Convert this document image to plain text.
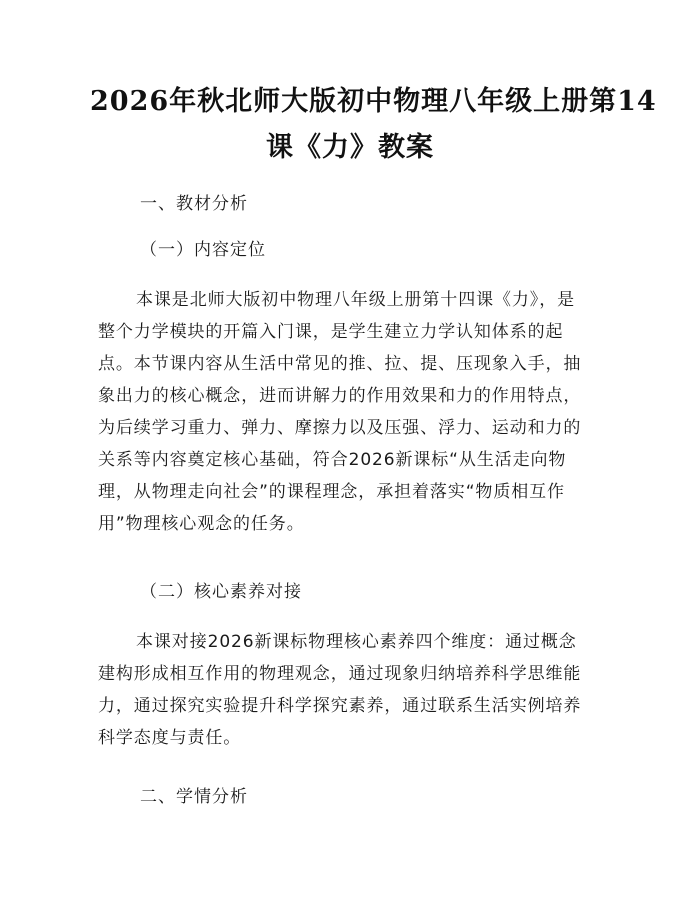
2026年秋北师大版初中物理八年级上册第14
课《力》教案
一、教材分析
（一）内容定位
本课是北师大版初中物理八年级上册第十四课《力》，是
整个力学模块的开篇入门课，是学生建立力学认知体系的起
点。本节课内容从生活中常见的推、拉、提、压现象入手，抽
象出力的核心概念，进而讲解力的作用效果和力的作用特点，
为后续学习重力、弹力、摩擦力以及压强、浮力、运动和力的
关系等内容奠定核心基础，符合2026新课标“从生活走向物
理，从物理走向社会”的课程理念，承担着落实“物质相互作
用”物理核心观念的任务。
（二）核心素养对接
本课对接2026新课标物理核心素养四个维度：通过概念
建构形成相互作用的物理观念，通过现象归纳培养科学思维能
力，通过探究实验提升科学探究素养，通过联系生活实例培养
科学态度与责任。
二、学情分析
